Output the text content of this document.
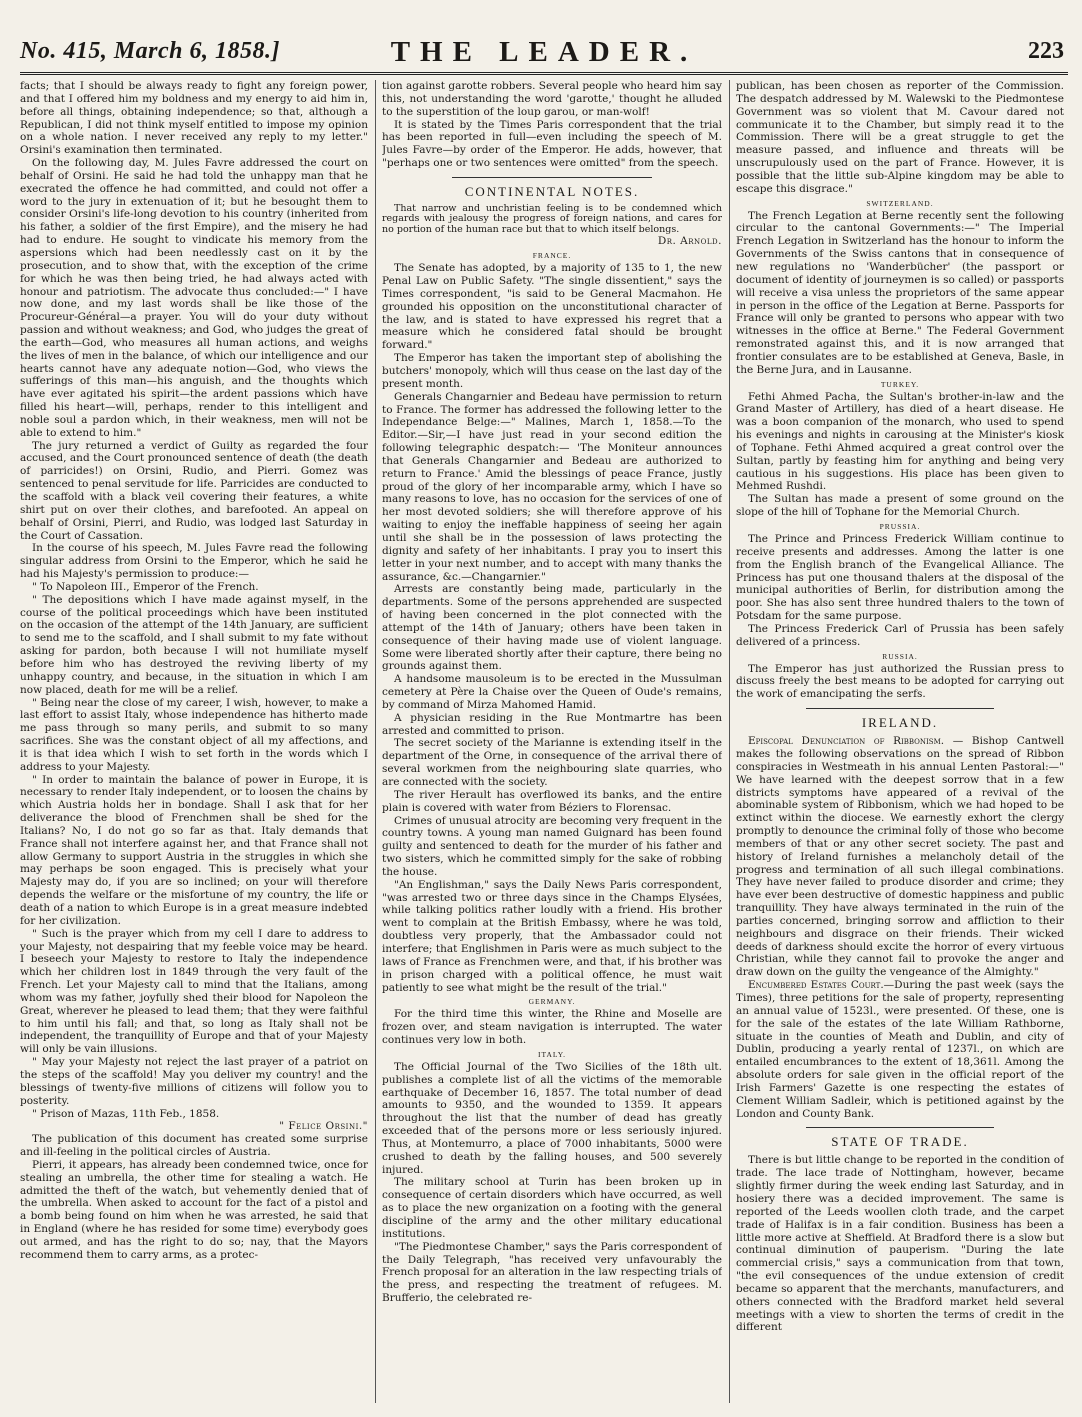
No. 415, March 6, 1858.]	THE LEADER.	223

facts; that I should be always ready to fight any foreign power, and that I offered him my boldness and my energy to aid him in, before all things, obtaining independence; so that, although a Republican, I did not think myself entitled to impose my opinion on a whole nation. I never received any reply to my letter." Orsini's examination then terminated.

On the following day, M. Jules Favre addressed the court on behalf of Orsini. He said he had told the unhappy man that he execrated the offence he had committed, and could not offer a word to the jury in extenuation of it; but he besought them to consider Orsini's life-long devotion to his country (inherited from his father, a soldier of the first Empire), and the misery he had had to endure. He sought to vindicate his memory from the aspersions which had been needlessly cast on it by the prosecution, and to show that, with the exception of the crime for which he was then being tried, he had always acted with honour and patriotism. The advocate thus concluded:—" I have now done, and my last words shall be like those of the Procureur-Général—a prayer. You will do your duty without passion and without weakness; and God, who judges the great of the earth—God, who measures all human actions, and weighs the lives of men in the balance, of which our intelligence and our hearts cannot have any adequate notion—God, who views the sufferings of this man—his anguish, and the thoughts which have ever agitated his spirit—the ardent passions which have filled his heart—will, perhaps, render to this intelligent and noble soul a pardon which, in their weakness, men will not be able to extend to him."

The jury returned a verdict of Guilty as regarded the four accused, and the Court pronounced sentence of death (the death of parricides!) on Orsini, Rudio, and Pierri. Gomez was sentenced to penal servitude for life. Parricides are conducted to the scaffold with a black veil covering their features, a white shirt put on over their clothes, and barefooted. An appeal on behalf of Orsini, Pierri, and Rudio, was lodged last Saturday in the Court of Cassation.

In the course of his speech, M. Jules Favre read the following singular address from Orsini to the Emperor, which he said he had his Majesty's permission to produce:—

" To Napoleon III., Emperor of the French.

" The depositions which I have made against myself, in the course of the political proceedings which have been instituted on the occasion of the attempt of the 14th January, are sufficient to send me to the scaffold, and I shall submit to my fate without asking for pardon, both because I will not humiliate myself before him who has destroyed the reviving liberty of my unhappy country, and because, in the situation in which I am now placed, death for me will be a relief.

" Being near the close of my career, I wish, however, to make a last effort to assist Italy, whose independence has hitherto made me pass through so many perils, and submit to so many sacrifices. She was the constant object of all my affections, and it is that idea which I wish to set forth in the words which I address to your Majesty.

" In order to maintain the balance of power in Europe, it is necessary to render Italy independent, or to loosen the chains by which Austria holds her in bondage. Shall I ask that for her deliverance the blood of Frenchmen shall be shed for the Italians? No, I do not go so far as that. Italy demands that France shall not interfere against her, and that France shall not allow Germany to support Austria in the struggles in which she may perhaps be soon engaged. This is precisely what your Majesty may do, if you are so inclined; on your will therefore depends the welfare or the misfortune of my country, the life or death of a nation to which Europe is in a great measure indebted for her civilization.

" Such is the prayer which from my cell I dare to address to your Majesty, not despairing that my feeble voice may be heard. I beseech your Majesty to restore to Italy the independence which her children lost in 1849 through the very fault of the French. Let your Majesty call to mind that the Italians, among whom was my father, joyfully shed their blood for Napoleon the Great, wherever he pleased to lead them; that they were faithful to him until his fall; and that, so long as Italy shall not be independent, the tranquillity of Europe and that of your Majesty will only be vain illusions.

" May your Majesty not reject the last prayer of a patriot on the steps of the scaffold! May you deliver my country! and the blessings of twenty-five millions of citizens will follow you to posterity.

" Prison of Mazas, 11th Feb., 1858.

" Felice Orsini."

The publication of this document has created some surprise and ill-feeling in the political circles of Austria.

Pierri, it appears, has already been condemned twice, once for stealing an umbrella, the other time for stealing a watch. He admitted the theft of the watch, but vehemently denied that of the umbrella. When asked to account for the fact of a pistol and a bomb being found on him when he was arrested, he said that in England (where he has resided for some time) everybody goes out armed, and has the right to do so; nay, that the Mayors recommend them to carry arms, as a protec-

tion against garotte robbers. Several people who heard him say this, not understanding the word 'garotte,' thought he alluded to the superstition of the loup garou, or man-wolf!

It is stated by the Times Paris correspondent that the trial has been reported in full—even including the speech of M. Jules Favre—by order of the Emperor. He adds, however, that "perhaps one or two sentences were omitted" from the speech.

CONTINENTAL NOTES.

That narrow and unchristian feeling is to be condemned which regards with jealousy the progress of foreign nations, and cares for no portion of the human race but that to which itself belongs.

Dr. Arnold.

FRANCE.

The Senate has adopted, by a majority of 135 to 1, the new Penal Law on Public Safety. "The single dissentient," says the Times correspondent, "is said to be General Macmahon. He grounded his opposition on the unconstitutional character of the law, and is stated to have expressed his regret that a measure which he considered fatal should be brought forward."

The Emperor has taken the important step of abolishing the butchers' monopoly, which will thus cease on the last day of the present month.

Generals Changarnier and Bedeau have permission to return to France. The former has addressed the following letter to the Independance Belge:—" Malines, March 1, 1858.—To the Editor.—Sir,—I have just read in your second edition the following telegraphic despatch:— 'The Moniteur announces that Generals Changarnier and Bedeau are authorized to return to France.' Amid the blessings of peace France, justly proud of the glory of her incomparable army, which I have so many reasons to love, has no occasion for the services of one of her most devoted soldiers; she will therefore approve of his waiting to enjoy the ineffable happiness of seeing her again until she shall be in the possession of laws protecting the dignity and safety of her inhabitants. I pray you to insert this letter in your next number, and to accept with many thanks the assurance, &c.—Changarnier."

Arrests are constantly being made, particularly in the departments. Some of the persons apprehended are suspected of having been concerned in the plot connected with the attempt of the 14th of January; others have been taken in consequence of their having made use of violent language. Some were liberated shortly after their capture, there being no grounds against them.

A handsome mausoleum is to be erected in the Mussulman cemetery at Père la Chaise over the Queen of Oude's remains, by command of Mirza Mahomed Hamid.

A physician residing in the Rue Montmartre has been arrested and committed to prison.

The secret society of the Marianne is extending itself in the department of the Orne, in consequence of the arrival there of several workmen from the neighbouring slate quarries, who are connected with the society.

The river Herault has overflowed its banks, and the entire plain is covered with water from Béziers to Florensac.

Crimes of unusual atrocity are becoming very frequent in the country towns. A young man named Guignard has been found guilty and sentenced to death for the murder of his father and two sisters, which he committed simply for the sake of robbing the house.

"An Englishman," says the Daily News Paris correspondent, "was arrested two or three days since in the Champs Elysées, while talking politics rather loudly with a friend. His brother went to complain at the British Embassy, where he was told, doubtless very properly, that the Ambassador could not interfere; that Englishmen in Paris were as much subject to the laws of France as Frenchmen were, and that, if his brother was in prison charged with a political offence, he must wait patiently to see what might be the result of the trial."

GERMANY.

For the third time this winter, the Rhine and Moselle are frozen over, and steam navigation is interrupted. The water continues very low in both.

ITALY.

The Official Journal of the Two Sicilies of the 18th ult. publishes a complete list of all the victims of the memorable earthquake of December 16, 1857. The total number of dead amounts to 9350, and the wounded to 1359. It appears throughout the list that the number of dead has greatly exceeded that of the persons more or less seriously injured. Thus, at Montemurro, a place of 7000 inhabitants, 5000 were crushed to death by the falling houses, and 500 severely injured.

The military school at Turin has been broken up in consequence of certain disorders which have occurred, as well as to place the new organization on a footing with the general discipline of the army and the other military educational institutions.

"The Piedmontese Chamber," says the Paris correspondent of the Daily Telegraph, "has received very unfavourably the French proposal for an alteration in the law respecting trials of the press, and respecting the treatment of refugees. M. Brufferio, the celebrated re-

publican, has been chosen as reporter of the Commission. The despatch addressed by M. Walewski to the Piedmontese Government was so violent that M. Cavour dared not communicate it to the Chamber, but simply read it to the Commission. There will be a great struggle to get the measure passed, and influence and threats will be unscrupulously used on the part of France. However, it is possible that the little sub-Alpine kingdom may be able to escape this disgrace."

SWITZERLAND.

The French Legation at Berne recently sent the following circular to the cantonal Governments:—" The Imperial French Legation in Switzerland has the honour to inform the Governments of the Swiss cantons that in consequence of new regulations no 'Wanderbücher' (the passport or document of identity of journeymen is so called) or passports will receive a visa unless the proprietors of the same appear in person in the office of the Legation at Berne. Passports for France will only be granted to persons who appear with two witnesses in the office at Berne." The Federal Government remonstrated against this, and it is now arranged that frontier consulates are to be established at Geneva, Basle, in the Berne Jura, and in Lausanne.

TURKEY.

Fethi Ahmed Pacha, the Sultan's brother-in-law and the Grand Master of Artillery, has died of a heart disease. He was a boon companion of the monarch, who used to spend his evenings and nights in carousing at the Minister's kiosk of Tophane. Fethi Ahmed acquired a great control over the Sultan, partly by feasting him for anything and being very cautious in his suggestions. His place has been given to Mehmed Rushdi.

The Sultan has made a present of some ground on the slope of the hill of Tophane for the Memorial Church.

PRUSSIA.

The Prince and Princess Frederick William continue to receive presents and addresses. Among the latter is one from the English branch of the Evangelical Alliance. The Princess has put one thousand thalers at the disposal of the municipal authorities of Berlin, for distribution among the poor. She has also sent three hundred thalers to the town of Potsdam for the same purpose.

The Princess Frederick Carl of Prussia has been safely delivered of a princess.

RUSSIA.

The Emperor has just authorized the Russian press to discuss freely the best means to be adopted for carrying out the work of emancipating the serfs.

IRELAND.

Episcopal Denunciation of Ribbonism. — Bishop Cantwell makes the following observations on the spread of Ribbon conspiracies in Westmeath in his annual Lenten Pastoral:—" We have learned with the deepest sorrow that in a few districts symptoms have appeared of a revival of the abominable system of Ribbonism, which we had hoped to be extinct within the diocese. We earnestly exhort the clergy promptly to denounce the criminal folly of those who become members of that or any other secret society. The past and history of Ireland furnishes a melancholy detail of the progress and termination of all such illegal combinations. They have never failed to produce disorder and crime; they have ever been destructive of domestic happiness and public tranquillity. They have always terminated in the ruin of the parties concerned, bringing sorrow and affliction to their neighbours and disgrace on their friends. Their wicked deeds of darkness should excite the horror of every virtuous Christian, while they cannot fail to provoke the anger and draw down on the guilty the vengeance of the Almighty."

Encumbered Estates Court.—During the past week (says the Times), three petitions for the sale of property, representing an annual value of 1523l., were presented. Of these, one is for the sale of the estates of the late William Rathborne, situate in the counties of Meath and Dublin, and city of Dublin, producing a yearly rental of 1237l., on which are entailed encumbrances to the extent of 18,361l. Among the absolute orders for sale given in the official report of the Irish Farmers' Gazette is one respecting the estates of Clement William Sadleir, which is petitioned against by the London and County Bank.

STATE OF TRADE.

There is but little change to be reported in the condition of trade. The lace trade of Nottingham, however, became slightly firmer during the week ending last Saturday, and in hosiery there was a decided improvement. The same is reported of the Leeds woollen cloth trade, and the carpet trade of Halifax is in a fair condition. Business has been a little more active at Sheffield. At Bradford there is a slow but continual diminution of pauperism. "During the late commercial crisis," says a communication from that town, "the evil consequences of the undue extension of credit became so apparent that the merchants, manufacturers, and others connected with the Bradford market held several meetings with a view to shorten the terms of credit in the different
